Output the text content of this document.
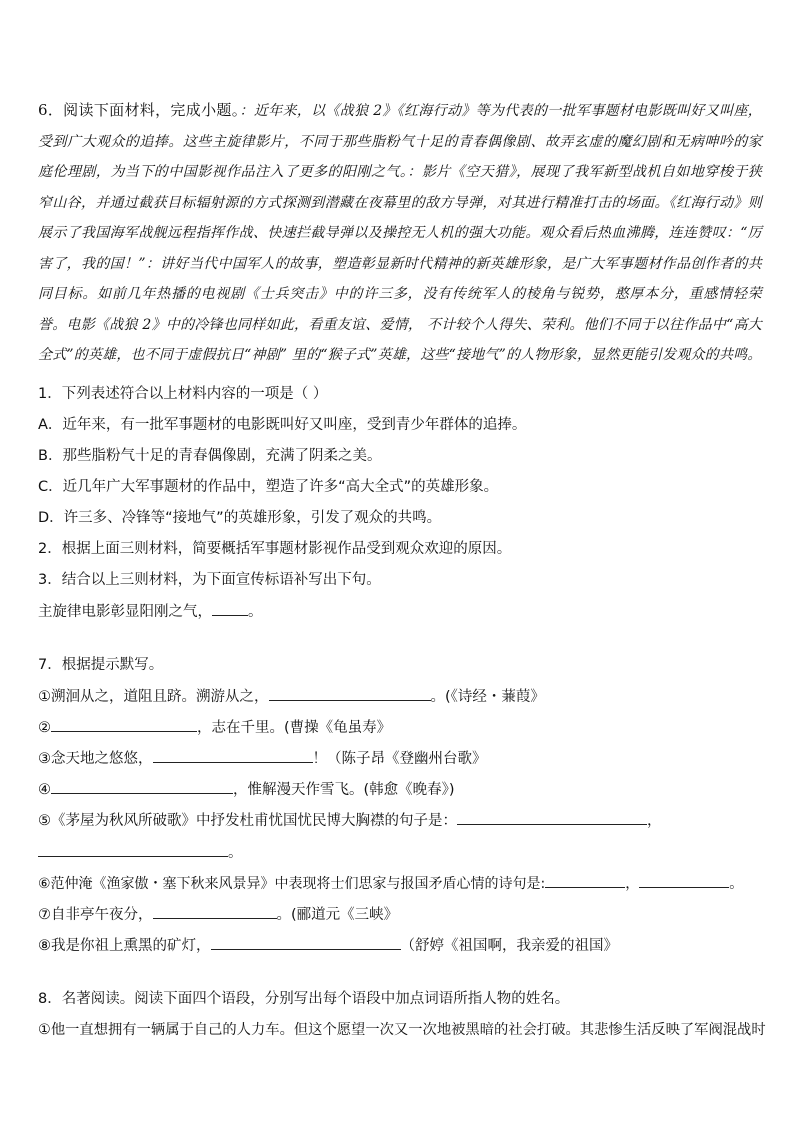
6．阅读下面材料，完成小题。：近年来，以《战狼 2》《红海行动》等为代表的一批军事题材电影既叫好又叫座，受到广大观众的追捧。这些主旋律影片，不同于那些脂粉气十足的青春偶像剧、故弄玄虚的魔幻剧和无病呻吟的家庭伦理剧，为当下的中国影视作品注入了更多的阳刚之气。：影片《空天猎》，展现了我军新型战机自如地穿梭于狭窄山谷，并通过截获目标辐射源的方式探测到潜藏在夜幕里的敌方导弹，对其进行精准打击的场面。《红海行动》则展示了我国海军战舰远程指挥作战、快速拦截导弹以及操控无人机的强大功能。观众看后热血沸腾，连连赞叹：“厉害了，我的国！”：讲好当代中国军人的故事，塑造彰显新时代精神的新英雄形象，是广大军事题材作品创作者的共同目标。如前几年热播的电视剧《士兵突击》中的许三多，没有传统军人的棱角与锐势，憨厚本分，重感情轻荣誉。电影《战狼 2》中的冷锋也同样如此，看重友谊、爱情， 不计较个人得失、荣利。他们不同于以往作品中“高大全式”的英雄，也不同于虚假抗日“神剧” 里的“猴子式”英雄，这些“接地气”的人物形象，显然更能引发观众的共鸣。
1．下列表述符合以上材料内容的一项是（ ）
A．近年来，有一批军事题材的电影既叫好又叫座，受到青少年群体的追捧。
B．那些脂粉气十足的青春偶像剧，充满了阴柔之美。
C．近几年广大军事题材的作品中，塑造了许多“高大全式”的英雄形象。
D．许三多、冷锋等“接地气”的英雄形象，引发了观众的共鸣。
2．根据上面三则材料，简要概括军事题材影视作品受到观众欢迎的原因。
3．结合以上三则材料，为下面宣传标语补写出下句。
主旋律电影彰显阳刚之气， 。
7．根据提示默写。
①溯洄从之，道阻且跻。溯游从之，	。(《诗经・蒹葭》
②	，志在千里。(曹操《龟虽寿》
③念天地之悠悠，	！（陈子昂《登幽州台歌》
④	，惟解漫天作雪飞。(韩愈《晚春》)
⑤《茅屋为秋风所破歌》中抒发杜甫忧国忧民博大胸襟的句子是：	，
。
⑥范仲淹《渔家傲・塞下秋来风景异》中表现将士们思家与报国矛盾心情的诗句是:	，	。
⑦自非亭午夜分，	。(郦道元《三峡》
⑧我是你祖上熏黑的矿灯，	（舒婷《祖国啊，我亲爱的祖国》
8．名著阅读。阅读下面四个语段，分别写出每个语段中加点词语所指人物的姓名。
①他一直想拥有一辆属于自己的人力车。但这个愿望一次又一次地被黑暗的社会打破。其悲惨生活反映了军阀混战时
